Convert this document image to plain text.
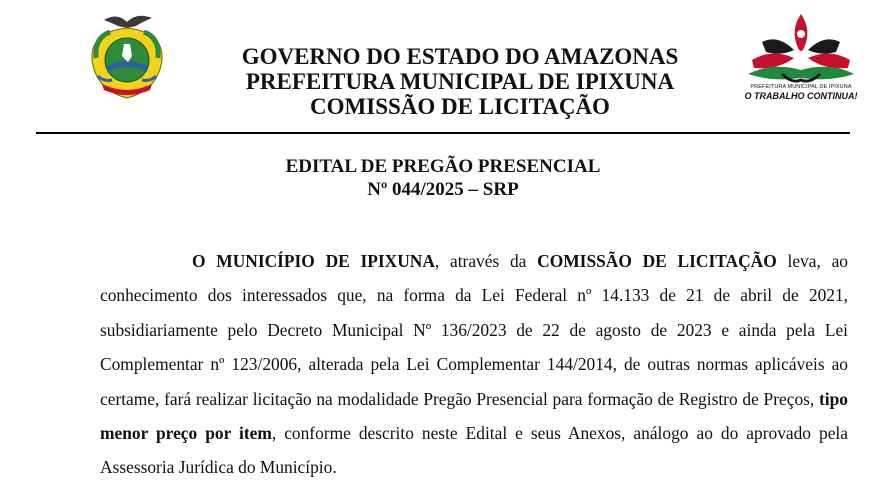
PREFEITURA MUNICIPAL DE IPIXUNA
O TRABALHO CONTINUA!
GOVERNO DO ESTADO DO AMAZONAS
PREFEITURA MUNICIPAL DE IPIXUNA
COMISSÃO DE LICITAÇÃO
EDITAL DE PREGÃO PRESENCIAL
Nº 044/2025 – SRP
O MUNICÍPIO DE IPIXUNA, através da COMISSÃO DE LICITAÇÃO leva, ao conhecimento dos interessados que, na forma da Lei Federal nº 14.133 de 21 de abril de 2021, subsidiariamente pelo Decreto Municipal Nº 136/2023 de 22 de agosto de 2023 e ainda pela Lei Complementar nº 123/2006, alterada pela Lei Complementar 144/2014, de outras normas aplicáveis ao certame, fará realizar licitação na modalidade Pregão Presencial para formação de Registro de Preços, tipo menor preço por item, conforme descrito neste Edital e seus Anexos, análogo ao do aprovado pela Assessoria Jurídica do Município.
